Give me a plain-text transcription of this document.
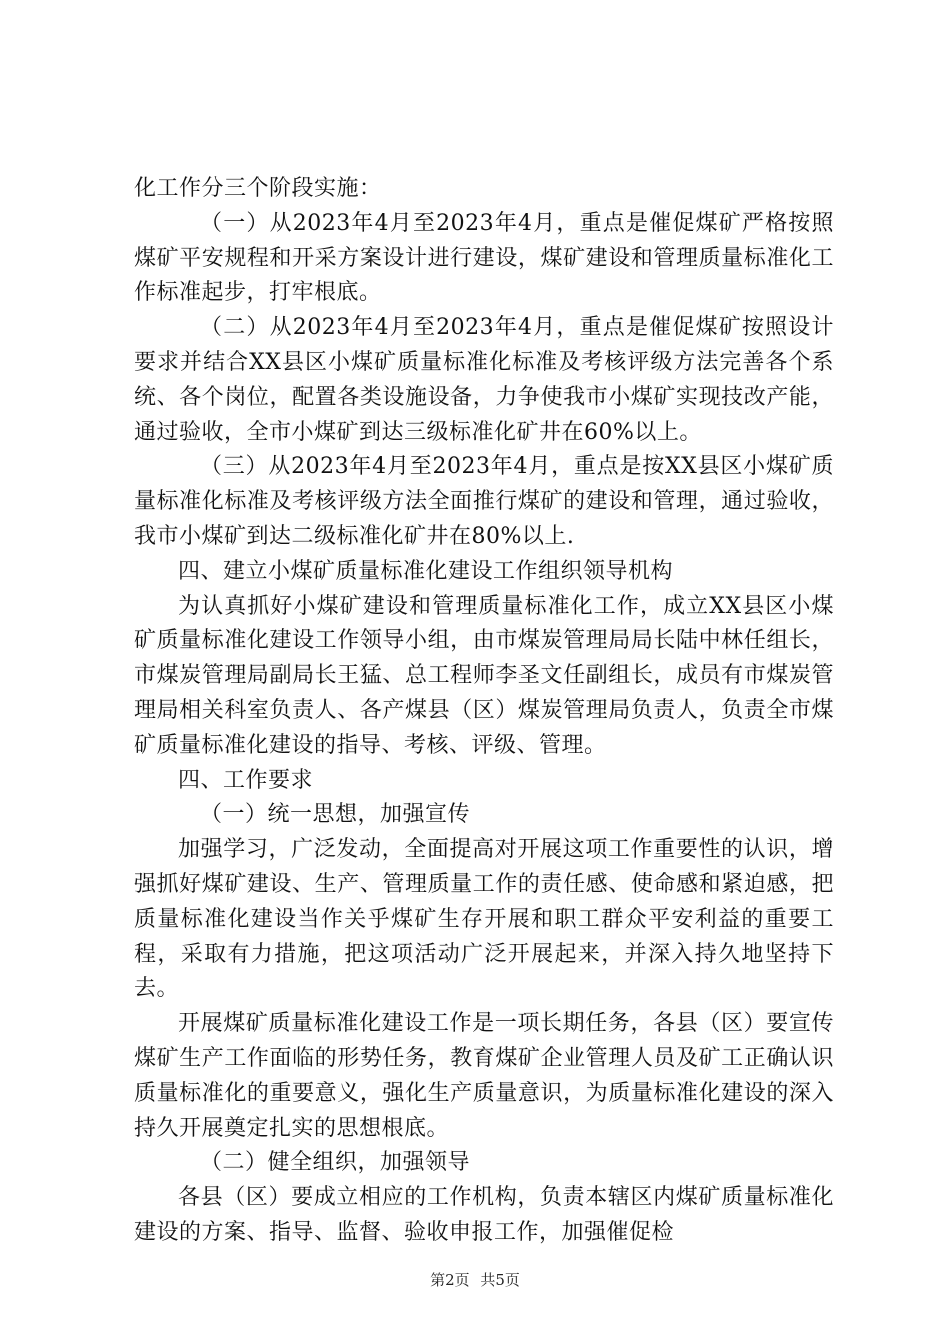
化工作分三个阶段实施：

（一）从2023年4月至2023年4月，重点是催促煤矿严格按照煤矿平安规程和开采方案设计进行建设，煤矿建设和管理质量标准化工作标准起步，打牢根底。

（二）从2023年4月至2023年4月，重点是催促煤矿按照设计要求并结合XX县区小煤矿质量标准化标准及考核评级方法完善各个系统、各个岗位，配置各类设施设备，力争使我市小煤矿实现技改产能，通过验收，全市小煤矿到达三级标准化矿井在60%以上。

（三）从2023年4月至2023年4月，重点是按XX县区小煤矿质量标准化标准及考核评级方法全面推行煤矿的建设和管理，通过验收，我市小煤矿到达二级标准化矿井在80%以上.

四、建立小煤矿质量标准化建设工作组织领导机构

为认真抓好小煤矿建设和管理质量标准化工作，成立XX县区小煤矿质量标准化建设工作领导小组，由市煤炭管理局局长陆中林任组长，市煤炭管理局副局长王猛、总工程师李圣文任副组长，成员有市煤炭管理局相关科室负责人、各产煤县（区）煤炭管理局负责人，负责全市煤矿质量标准化建设的指导、考核、评级、管理。

四、工作要求

（一）统一思想，加强宣传

加强学习，广泛发动，全面提高对开展这项工作重要性的认识，增强抓好煤矿建设、生产、管理质量工作的责任感、使命感和紧迫感，把质量标准化建设当作关乎煤矿生存开展和职工群众平安利益的重要工程，采取有力措施，把这项活动广泛开展起来，并深入持久地坚持下去。

开展煤矿质量标准化建设工作是一项长期任务，各县（区）要宣传煤矿生产工作面临的形势任务，教育煤矿企业管理人员及矿工正确认识质量标准化的重要意义，强化生产质量意识，为质量标准化建设的深入持久开展奠定扎实的思想根底。

（二）健全组织，加强领导

各县（区）要成立相应的工作机构，负责本辖区内煤矿质量标准化建设的方案、指导、监督、验收申报工作，加强催促检

第2页 共5页
